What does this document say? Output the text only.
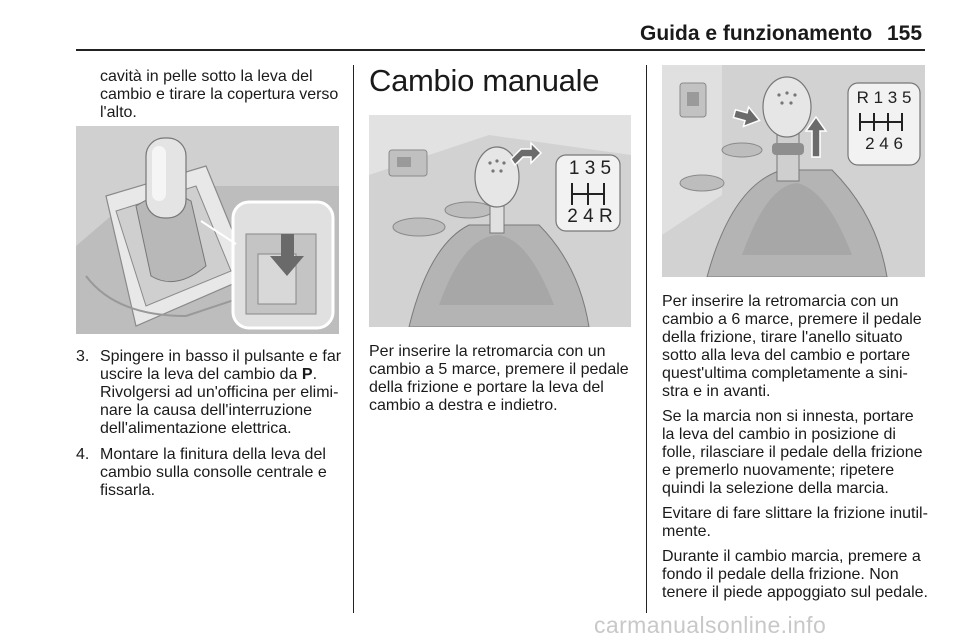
Guida e funzionamento 155

cavità in pelle sotto la leva del cambio e tirare la copertura verso l'alto.

3. Spingere in basso il pulsante e far uscire la leva del cambio da P. Rivolgersi ad un'officina per eliminare la causa dell'interruzione dell'alimentazione elettrica.
4. Montare la finitura della leva del cambio sulla consolle centrale e fissarla.
Cambio manuale
1 3 5
2 4 R

Per inserire la retromarcia con un cambio a 5 marce, premere il pedale della frizione e portare la leva del cambio a destra e indietro.

R 1 3 5
2 4 6

Per inserire la retromarcia con un cambio a 6 marce, premere il pedale della frizione, tirare l'anello situato sotto alla leva del cambio e portare quest'ultima completamente a sinistra e in avanti.

Se la marcia non si innesta, portare la leva del cambio in posizione di folle, rilasciare il pedale della frizione e premerlo nuovamente; ripetere quindi la selezione della marcia.

Evitare di fare slittare la frizione inutilmente.

Durante il cambio marcia, premere a fondo il pedale della frizione. Non tenere il piede appoggiato sul pedale.

carmanualsonline.info
